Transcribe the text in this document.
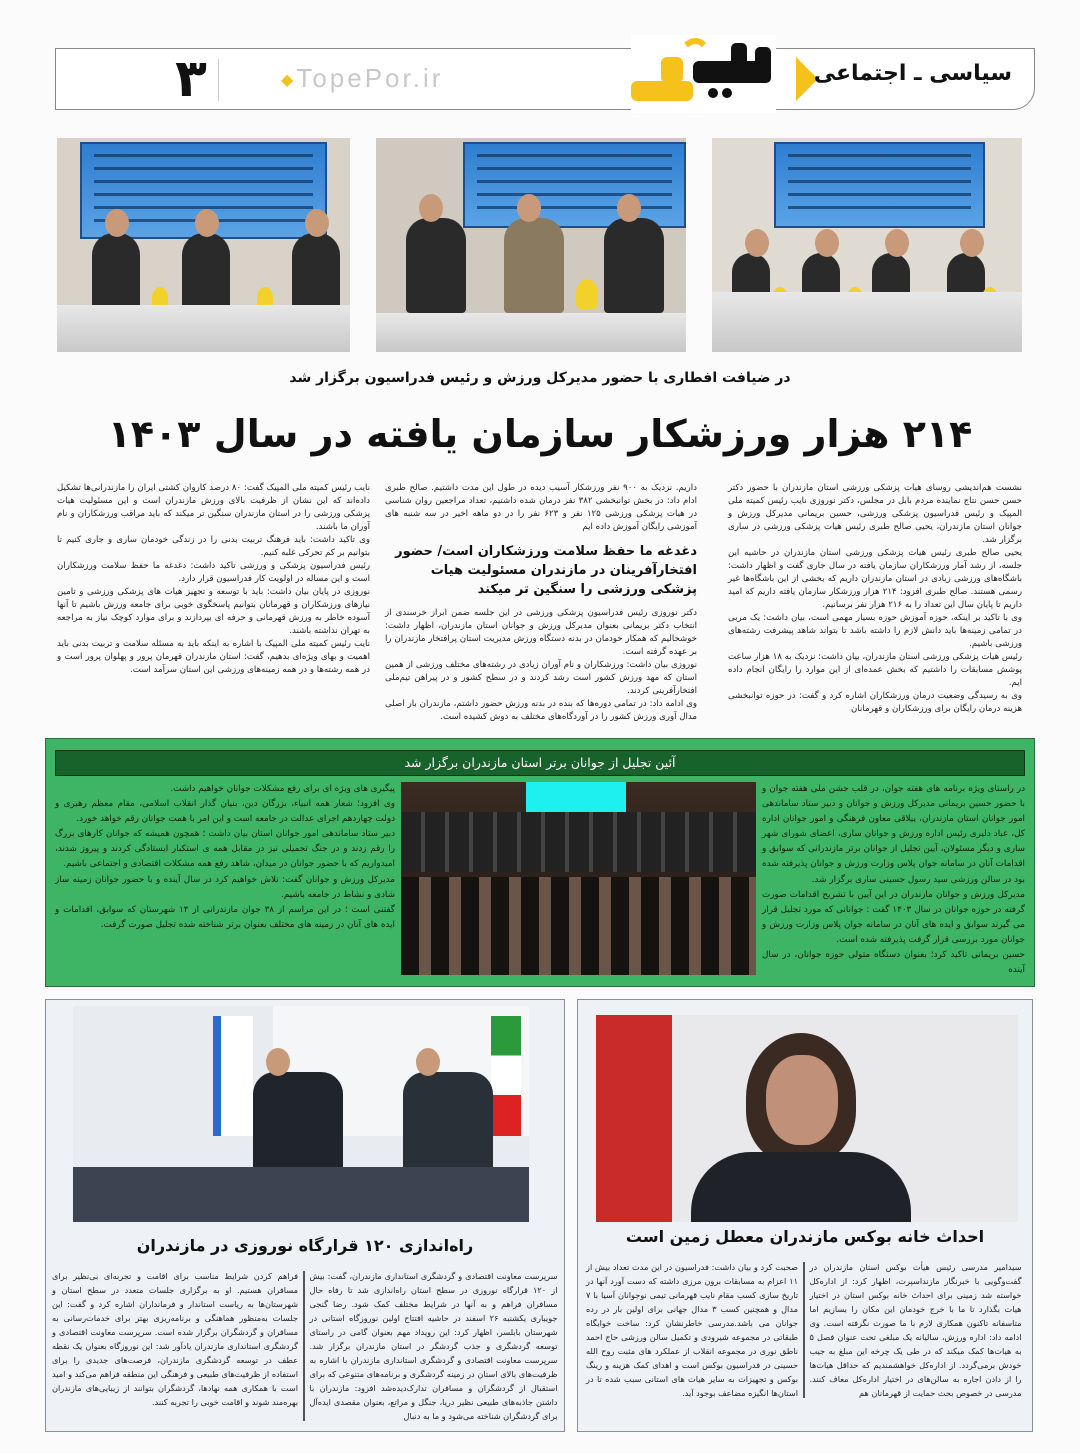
۳	◆TopePor.ir	سیاسی ـ اجتماعی
در ضیافت افطاری با حضور مدیرکل ورزش و رئیس فدراسیون برگزار شد
۲۱۴ هزار ورزشکار سازمان یافته در سال ۱۴۰۳
نایب رئیس کمیته ملی المپیک گفت: ۸۰ درصد کاروان کشتی ایران را مازندرانی‌ها تشکیل داده‌اند که این نشان از ظرفیت بالای ورزش مازندران است و این مسئولیت هیات پزشکی ورزشی را در استان مازندران سنگین تر میکند که باید مراقب ورزشکاران و نام آوران ما باشند.
وی تاکید داشت: باید فرهنگ تربیت بدنی را در زندگی خودمان ساری و جاری کنیم تا بتوانیم بر کم تحرکی غلبه کنیم.
رئیس فدراسیون پزشکی و ورزشی تاکید داشت: دغدغه ما حفظ سلامت ورزشکاران است و این مساله در اولویت کار فدراسیون قرار دارد.
نوروزی در پایان بیان داشت: باید با توسعه و تجهیز هیات های پزشکی ورزشی و تامین نیازهای ورزشکاران و قهرمانان بتوانیم پاسخگوی خوبی برای جامعه ورزش باشیم تا آنها آسوده خاطر به ورزش قهرمانی و حرفه ای بپردازند و برای موارد کوچک نیاز به مراجعه به تهران نداشته باشند.
نایب رئیس کمیته ملی المپیک با اشاره به اینکه باید به مسئله سلامت و تربیت بدنی باید اهمیت و بهای ویژه‌ای بدهیم، گفت: استان مازندران قهرمان پرور و پهلوان پرور است و در همه رشته‌ها و در همه زمینه‌های ورزشی این استان سرآمد است.
داریم. نزدیک به ۹۰۰ نفر ورزشکار آسیب دیده در طول این مدت داشتیم. صالح طبری ادام داد: در بخش توانبخشی ۳۸۲ نفر درمان شده داشتیم، تعداد مراجعین روان شناسی در هیات پزشکی ورزشی ۱۲۵ نفر و ۶۲۳ نفر را در دو ماهه اخیر در سه شنبه های آموزشی رایگان آموزش داده ایم
دغدغه ما حفظ سلامت ورزشکاران است/ حضور افتخارآفرینان در مازندران مسئولیت هیات پزشکی ورزشی را سنگین تر میکند
دکتر نوروزی رئیس فدراسیون پزشکی ورزشی در این جلسه ضمن ابراز خرسندی از انتخاب دکتر بریمانی بعنوان مدیرکل ورزش و جوانان استان مازندران، اظهار داشت: خوشحالیم که همکار خودمان در بدنه دستگاه ورزش مدیریت استان پرافتخار مازندران را بر عهده گرفته است.
نوروزی بیان داشت: ورزشکاران و نام آوران زیادی در رشته‌های مختلف ورزشی از همین استان که مهد ورزش کشور است رشد کردند و در سطح کشور و در پیراهن تیم‌ملی افتخارآفرینی کردند.
وی ادامه داد: در تمامی دوره‌ها که بنده در بدنه ورزش حضور داشتم، مازندران بار اصلی مدال آوری ورزش کشور را در آوردگاه‌های مختلف به دوش کشیده است.
نشست هم‌اندیشی روسای هیات پزشکی ورزشی استان مازندران با حضور دکتر حسن حسن نتاج نماینده مردم بابل در مجلس، دکتر نوروزی نایب رئیس کمیته ملی المپیک و رئیس فدراسیون پزشکی ورزشی، حسین بریمانی مدیرکل ورزش و جوانان استان مازندران، یحیی صالح طبری رئیس هیات پزشکی ورزشی در ساری برگزار شد.
یحیی صالح طبری رئیس هیات پزشکی ورزشی استان مازندران در حاشیه این جلسه، از رشد آمار ورزشکاران سازمان یافته در سال جاری گفت و اظهار داشت: باشگاه‌های ورزشی زیادی در استان مازندران داریم که بخشی از این باشگاه‌ها غیر رسمی هستند. صالح طبری افزود: ۲۱۴ هزار ورزشکار سازمان یافته داریم که امید داریم تا پایان سال این تعداد را به ۲۱۶ هزار نفر برسانیم.
وی با تاکید بر اینکه، حوزه آموزش حوزه بسیار مهمی است، بیان داشت: یک مربی در تمامی زمینه‌ها باید دانش لازم را داشته باشد تا بتواند شاهد پیشرفت رشته‌های ورزشی باشیم.
رئیس هیات پزشکی ورزشی استان مازندران، بیان داشت: نزدیک به ۱۸ هزار ساعت پوشش مسابقات را داشتیم که بخش عمده‌ای از این موارد را رایگان انجام داده ایم.
وی به رسیدگی وضعیت درمان ورزشکاران اشاره کرد و گفت: در حوزه توانبخشی هزینه درمان رایگان برای ورزشکاران و قهرمانان
آئین تجلیل از جوانان برتر استان مازندران برگزار شد
پیگیری های ویژه ای برای رفع مشکلات جوانان خواهیم داشت.
وی افزود؛ شعار همه انبیاء، بزرگان دین، بنیان گذار انقلاب اسلامی، مقام معظم رهبری و دولت چهاردهم اجرای عدالت در جامعه است و این امر با همت جوانان رقم خواهد خورد.
دبیر ستاد ساماندهی امور جوانان استان بیان داشت ؛ همچون همیشه که جوانان کارهای بزرگ را رقم زدند و در جنگ تحمیلی نیز در مقابل همه ی استکبار ایستادگی کردند و پیروز شدند، امیدواریم که با حضور جوانان در میدان، شاهد رفع همه مشکلات اقتصادی و اجتماعی باشیم.
مدیرکل ورزش و جوانان گفت: تلاش خواهیم کرد در سال آینده و با حضور جوانان زمینه ساز شادی و نشاط در جامعه باشیم.
گفتنی است ؛ در این مراسم از ۳۸ جوان مازندرانی از ۱۴ شهرستان که سوابق، اقدامات و ایده های آنان در زمینه های مختلف بعنوان برتر شناخته شده تجلیل صورت گرفت.
در راستای ویژه برنامه های هفته جوان، در قلب جشن ملی هفته جوان و با حضور حسین بریمانی مدیرکل ورزش و جوانان و دبیر ستاد ساماندهی امور جوانان استان مازندران، ییلاقی معاون فرهنگی و امور جوانان اداره کل، عباد دلیری رئیس اداره ورزش و جوانان ساری، اعضای شورای شهر ساری و دیگر مسئولان، آیین تجلیل از جوانان برتر مازندرانی که سوابق و اقدامات آنان در سامانه جوان پلاس وزارت ورزش و جوانان پذیرفته شده بود در سالن ورزشی سید رسول حسینی ساری برگزار شد.
مدیرکل ورزش و جوانان مازندران در این آیین با تشریح اقدامات صورت گرفته در حوزه جوانان در سال ۱۴۰۳ گفت : جوانانی که مورد تجلیل قرار می گیرند سوابق و ایده های آنان در سامانه جوان پلاس وزارت ورزش و جوانان مورد بررسی قرار گرفت پذیرفته شده است.
حسین بریمانی تاکید کرد؛ بعنوان دستگاه متولی حوزه جوانان، در سال آینده
راه‌اندازی ۱۲۰ قرارگاه نوروزی در مازندران
فراهم کردن شرایط مناسب برای اقامت و تجربه‌ای بی‌نظیر برای مسافران هستیم. او به برگزاری جلسات متعدد در سطح استان و شهرستان‌ها به ریاست استاندار و فرمانداران اشاره کرد و گفت: این جلسات به‌منظور هماهنگی و برنامه‌ریزی بهتر برای خدمات‌رسانی به مسافران و گردشگران برگزار شده است. سرپرست معاونت اقتصادی و گردشگری استانداری مازندران یادآور شد: این نوروزگاه بعنوان یک نقطه عطف در توسعه گردشگری مازندران، فرصت‌های جدیدی را برای استفاده از ظرفیت‌های طبیعی و فرهنگی این منطقه فراهم می‌کند و امید است با همکاری همه نهادها، گردشگران بتوانند از زیبایی‌های مازندران بهره‌مند شوند و اقامت خوبی را تجربه کنند.
سرپرست معاونت اقتصادی و گردشگری استانداری مازندران، گفت: بیش از ۱۲۰ قرارگاه نوروزی در سطح استان راه‌اندازی شد تا رفاه حال مسافران فراهم و به آنها در شرایط مختلف کمک شود. رضا گنجی جویباری یکشنبه ۲۶ اسفند در حاشیه افتتاح اولین نوروزگاه استانی در شهرستان بابلسر، اظهار کرد: این رویداد مهم بعنوان گامی در راستای توسعه گردشگری و جذب گردشگر در استان مازندران برگزار شد. سرپرست معاونت اقتصادی و گردشگری استانداری مازندران با اشاره به ظرفیت‌های بالای استان در زمینه گردشگری و برنامه‌های متنوعی که برای استقبال از گردشگران و مسافران تدارک‌دیده‌شد افزود: مازندران با داشتن جاذبه‌های طبیعی نظیر دریا، جنگل و مراتع، بعنوان مقصدی ایده‌آل برای گردشگران شناخته می‌شود و ما به دنبال
احداث خانه بوکس مازندران معطل زمین است
صحبت کرد و بیان داشت: فدراسیون در این مدت تعداد بیش از ۱۱ اعزام به مسابقات برون مرزی داشته که دست آورد آنها در تاریخ سازی کسب مقام نایب قهرمانی تیمی نوجوانان آسیا با ۷ مدال و همچنین کسب ۳ مدال جهانی برای اولین بار در رده جوانان می باشد.مدرسی خاطرنشان کرد: ساخت خوابگاه طبقاتی در مجموعه شیرودی و تکمیل سالن ورزشی حاج احمد ناطق نوری در مجموعه انقلاب از عملکرد های مثبت روح الله حسینی در فدراسیون بوکس است و اهدای کمک هزینه و رینگ بوکس و تجهیزات به سایر هیات های استانی سبب شده تا در استان‌ها انگیزه مضاعف بوجود آید.
سیدامیر مدرسی رئیس هیأت بوکس استان مازندران در گفت‌وگویی با خبرنگار مازنداسپرت، اظهار کرد: از اداره‌کل خواسته شد زمینی برای احداث خانه بوکس استان در اختیار هیات بگذارد تا ما با خرج خودمان این مکان را بسازیم اما متاسفانه تاکنون همکاری لازم با ما صورت نگرفته است. وی ادامه داد: اداره ورزش، سالیانه یک مبلغی تحت عنوان فصل ۵ به هیات‌ها کمک میکند که در طی یک چرخه این مبلغ به جیب خودش برمی‌گردد. از اداره‌کل خواهشمندیم که حداقل هیات‌ها را از دادن اجاره به سالن‌های در اختیار اداره‌کل معاف کنند. مدرسی در خصوص بحث حمایت از قهرمانان هم
